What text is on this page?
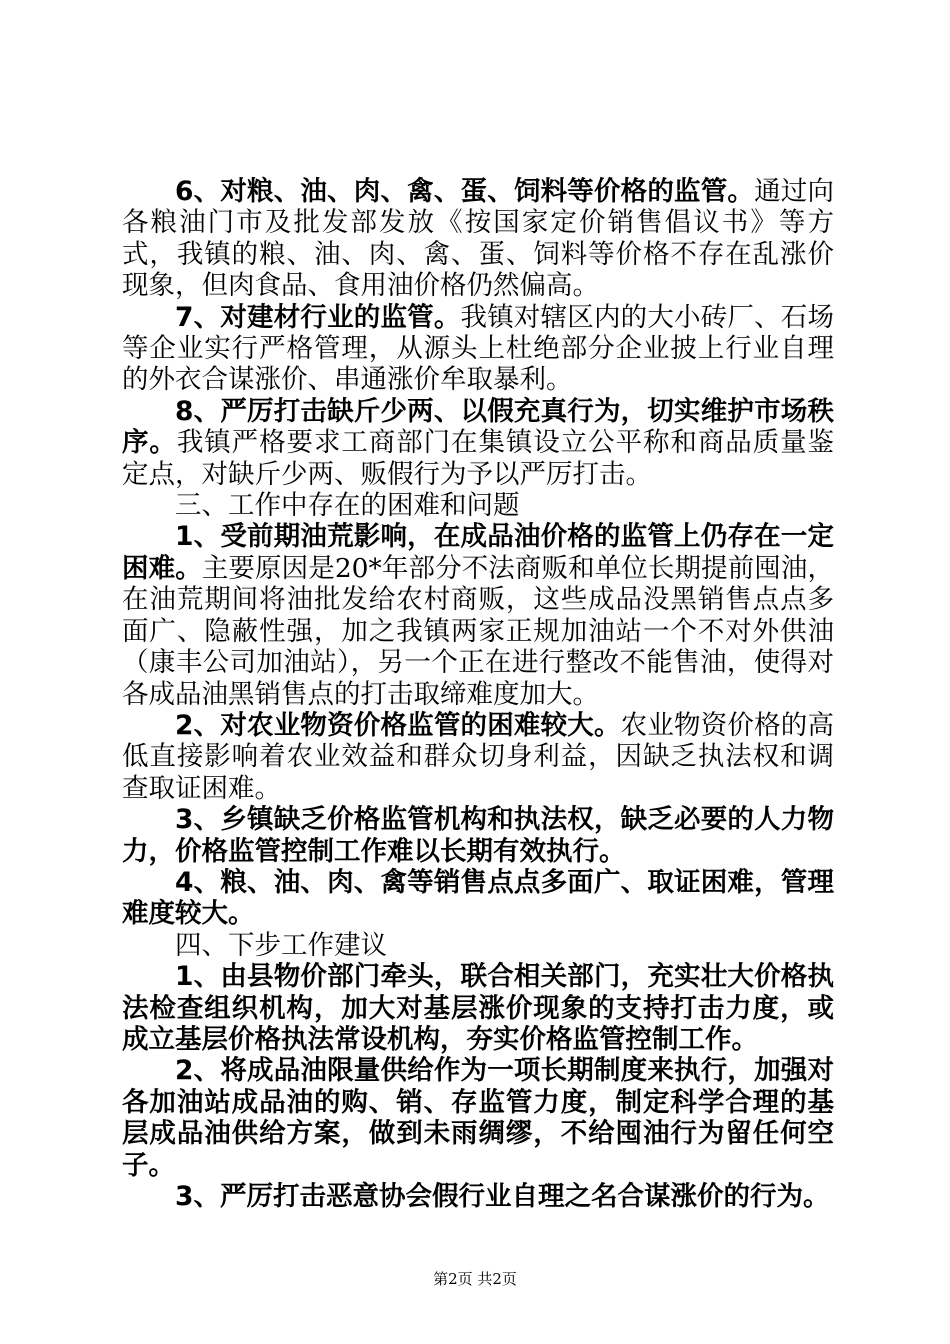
6、对粮、油、肉、禽、蛋、饲料等价格的监管。通过向各粮油门市及批发部发放《按国家定价销售倡议书》等方式，我镇的粮、油、肉、禽、蛋、饲料等价格不存在乱涨价现象，但肉食品、食用油价格仍然偏高。

7、对建材行业的监管。我镇对辖区内的大小砖厂、石场等企业实行严格管理，从源头上杜绝部分企业披上行业自理的外衣合谋涨价、串通涨价牟取暴利。

8、严厉打击缺斤少两、以假充真行为，切实维护市场秩序。我镇严格要求工商部门在集镇设立公平称和商品质量鉴定点，对缺斤少两、贩假行为予以严厉打击。

三、工作中存在的困难和问题

1、受前期油荒影响，在成品油价格的监管上仍存在一定困难。主要原因是20*年部分不法商贩和单位长期提前囤油，在油荒期间将油批发给农村商贩，这些成品没黑销售点点多面广、隐蔽性强，加之我镇两家正规加油站一个不对外供油（康丰公司加油站），另一个正在进行整改不能售油，使得对各成品油黑销售点的打击取缔难度加大。

2、对农业物资价格监管的困难较大。农业物资价格的高低直接影响着农业效益和群众切身利益，因缺乏执法权和调查取证困难。

3、乡镇缺乏价格监管机构和执法权，缺乏必要的人力物力，价格监管控制工作难以长期有效执行。

4、粮、油、肉、禽等销售点点多面广、取证困难，管理难度较大。

四、下步工作建议

1、由县物价部门牵头，联合相关部门，充实壮大价格执法检查组织机构，加大对基层涨价现象的支持打击力度，或成立基层价格执法常设机构，夯实价格监管控制工作。

2、将成品油限量供给作为一项长期制度来执行，加强对各加油站成品油的购、销、存监管力度，制定科学合理的基层成品油供给方案，做到未雨绸缪，不给囤油行为留任何空子。

3、严厉打击恶意协会假行业自理之名合谋涨价的行为。

第2页 共2页
